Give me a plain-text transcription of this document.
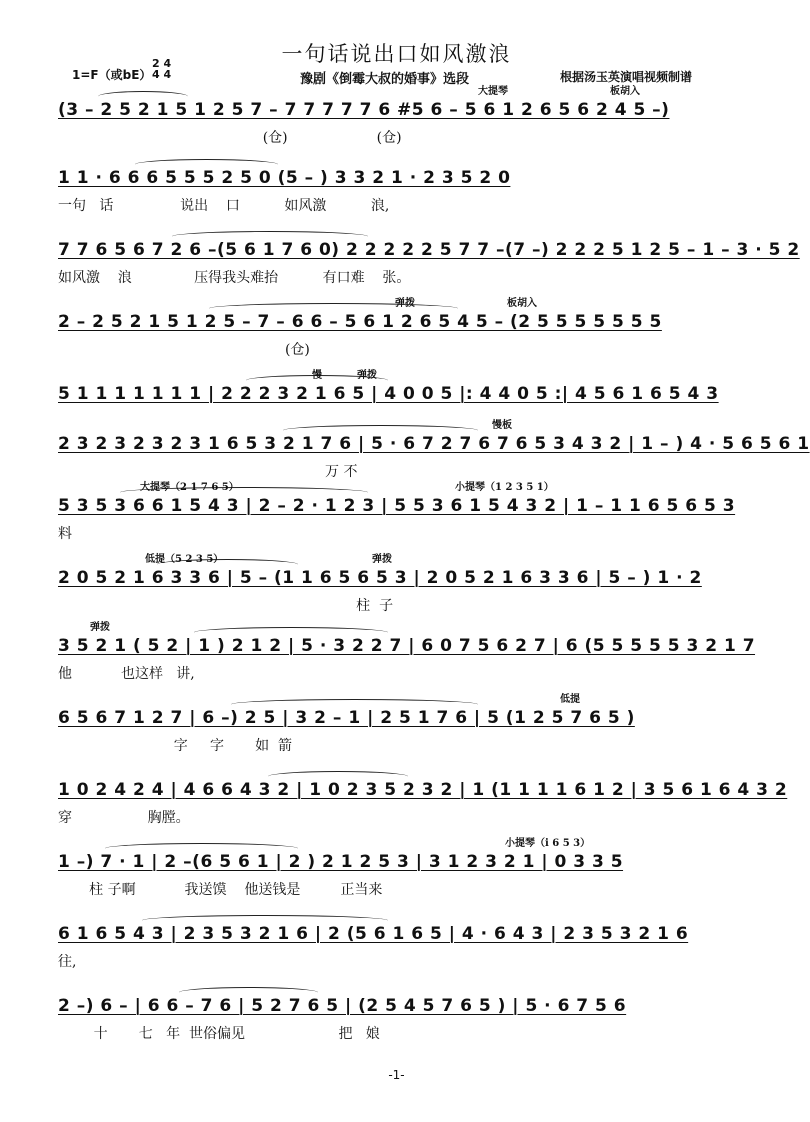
一句话说出口如风激浪
1=F（或bE）
2 4
4 4	豫剧《倒霉大叔的婚事》选段	根据汤玉英演唱视频制谱
(3 – 2 5 2 1 5 1 2 5 7 – 7 7 7 7 7 6 #5 6 – 5 6 1 2 6 5 6 2 4 5 –)
(仓)                    (仓)
大提琴	板胡入
1 1 · 6 6 6 5 5 5 2 5 0 (5 – ) 3 3 2 1 · 2 3 5 2 0
一句   话               说出    口          如风激          浪,
7 7 6 5 6 7 2 6 –(5 6 1 7 6 0) 2 2 2 2 2 5 7 7 –(7 –) 2 2 2 5 1 2 5 – 1 – 3 · 5 2
如风激    浪              压得我头难抬          有口难    张。
2 – 2 5 2 1 5 1 2 5 – 7 – 6 6 – 5 6 1 2 6 5 4 5 – (2 5 5 5 5 5 5 5
(仓)
弹拨	板胡入
5 1 1 1 1 1 1 1 | 2 2 2 3 2 1 6 5 | 4 0 0 5 |: 4 4 0 5 :| 4 5 6 1 6 5 4 3
慢	弹拨
2 3 2 3 2 3 2 3 1 6 5 3 2 1 7 6 | 5 · 6 7 2 7 6 7 6 5 3 4 3 2 | 1 – ) 4 · 5 6 5 6 1
万 不
慢板
5 3 5 3 6 6 1 5 4 3 | 2 – 2 · 1 2 3 | 5 5 3 6 1 5 4 3 2 | 1 – 1 1 6 5 6 5 3
料
大提琴（2 1 7 6 5）	小提琴（1 2 3 5 1）
2 0 5 2 1 6 3 3 6 | 5 – (1 1 6 5 6 5 3 | 2 0 5 2 1 6 3 3 6 | 5 – ) 1 · 2
柱  子
低提（5 2 3 5）	弹拨
3 5 2 1 ( 5 2 | 1 ) 2 1 2 | 5 · 3 2 2 7 | 6 0 7 5 6 2 7 | 6 (5 5 5 5 5 3 2 1 7
他           也这样   讲,
弹拨
6 5 6 7 1 2 7 | 6 –) 2 5 | 3 2 – 1 | 2 5 1 7 6 | 5 (1 2 5 7 6 5 )
字     字       如  箭
低提
1 0 2 4 2 4 | 4 6 6 4 3 2 | 1 0 2 3 5 2 3 2 | 1 (1 1 1 1 6 1 2 | 3 5 6 1 6 4 3 2
穿                 胸膛。
1 –) 7 · 1 | 2 –(6 5 6 1 | 2 ) 2 1 2 5 3 | 3 1 2 3 2 1 | 0 3 3 5
柱 子啊           我送馍    他送钱是         正当来
小提琴（i 6 5 3）
6 1 6 5 4 3 | 2 3 5 3 2 1 6 | 2 (5 6 1 6 5 | 4 · 6 4 3 | 2 3 5 3 2 1 6
往,
2 –) 6 – | 6 6 – 7 6 | 5 2 7 6 5 | (2 5 4 5 7 6 5 ) | 5 · 6 7 5 6
十       七   年  世俗偏见                     把   娘
-1-
